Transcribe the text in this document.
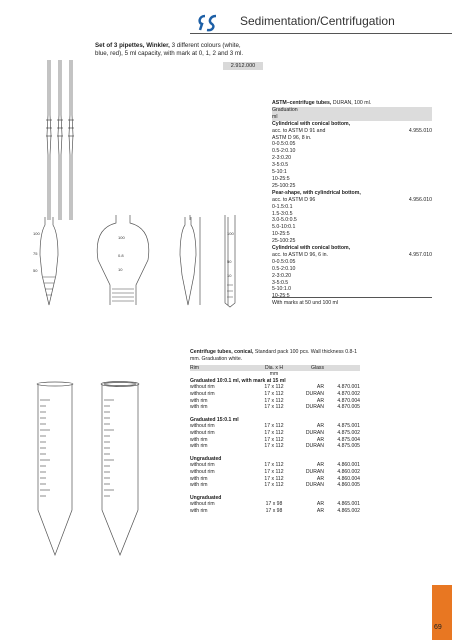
Sedimentation/Centrifugation
Set of 3 pipettes, Winkler, 3 different colours (white, blue, red), 5 ml capacity, with mark at 0, 1, 2 and 3 ml.
2.912.000
100
75
50
100
0.8
10
100
50
10
ASTM–centrifuge tubes, DURAN, 100 ml.
Graduation
ml
Cylindrical with conical bottom,
acc. to ASTM D 91 and	4.955.010
ASTM D 96, 8 in.
0-0.5:0.05
0.5-2:0.10
2-3:0.20
3-5:0.5
5-10:1
10-25:5
25-100:25
Pear-shape, with cylindrical bottom,
acc. to ASTM D 96	4.956.010
0-1.5:0.1
1.5-3:0.5
3.0-5.0:0.5
5.0-10:0.1
10-25:5
25-100:25
Cylindrical with conical bottom,
acc. to ASTM D 96, 6 in.	4.957.010
0-0.5:0.05
0.5-2:0.10
2-3:0.20
3-5:0.5
5-10:1.0
With marks at 50 und 100 ml
Centrifuge tubes, conical, Standard pack 100 pcs. Wall thickness 0.8-1 mm. Graduation white.
Rim	Dia. x H	Glass	
	mm		
Graduated 10:0.1 ml, with mark at 15 ml			
without rim	17 x 112	AR	4.870.001
without rim	17 x 112	DURAN	4.870.002
with rim	17 x 112	AR	4.870.004
with rim	17 x 112	DURAN	4.870.005

Graduated 15:0.1 ml			
without rim	17 x 112	AR	4.875.001
without rim	17 x 112	DURAN	4.875.002
with rim	17 x 112	AR	4.875.004
with rim	17 x 112	DURAN	4.875.005

Ungraduated			
without rim	17 x 112	AR	4.860.001
without rim	17 x 112	DURAN	4.860.002
with rim	17 x 112	AR	4.860.004
with rim	17 x 112	DURAN	4.860.005

Ungraduated			
without rim	17 x 98	AR	4.865.001
with rim	17 x 98	AR	4.865.002
69
